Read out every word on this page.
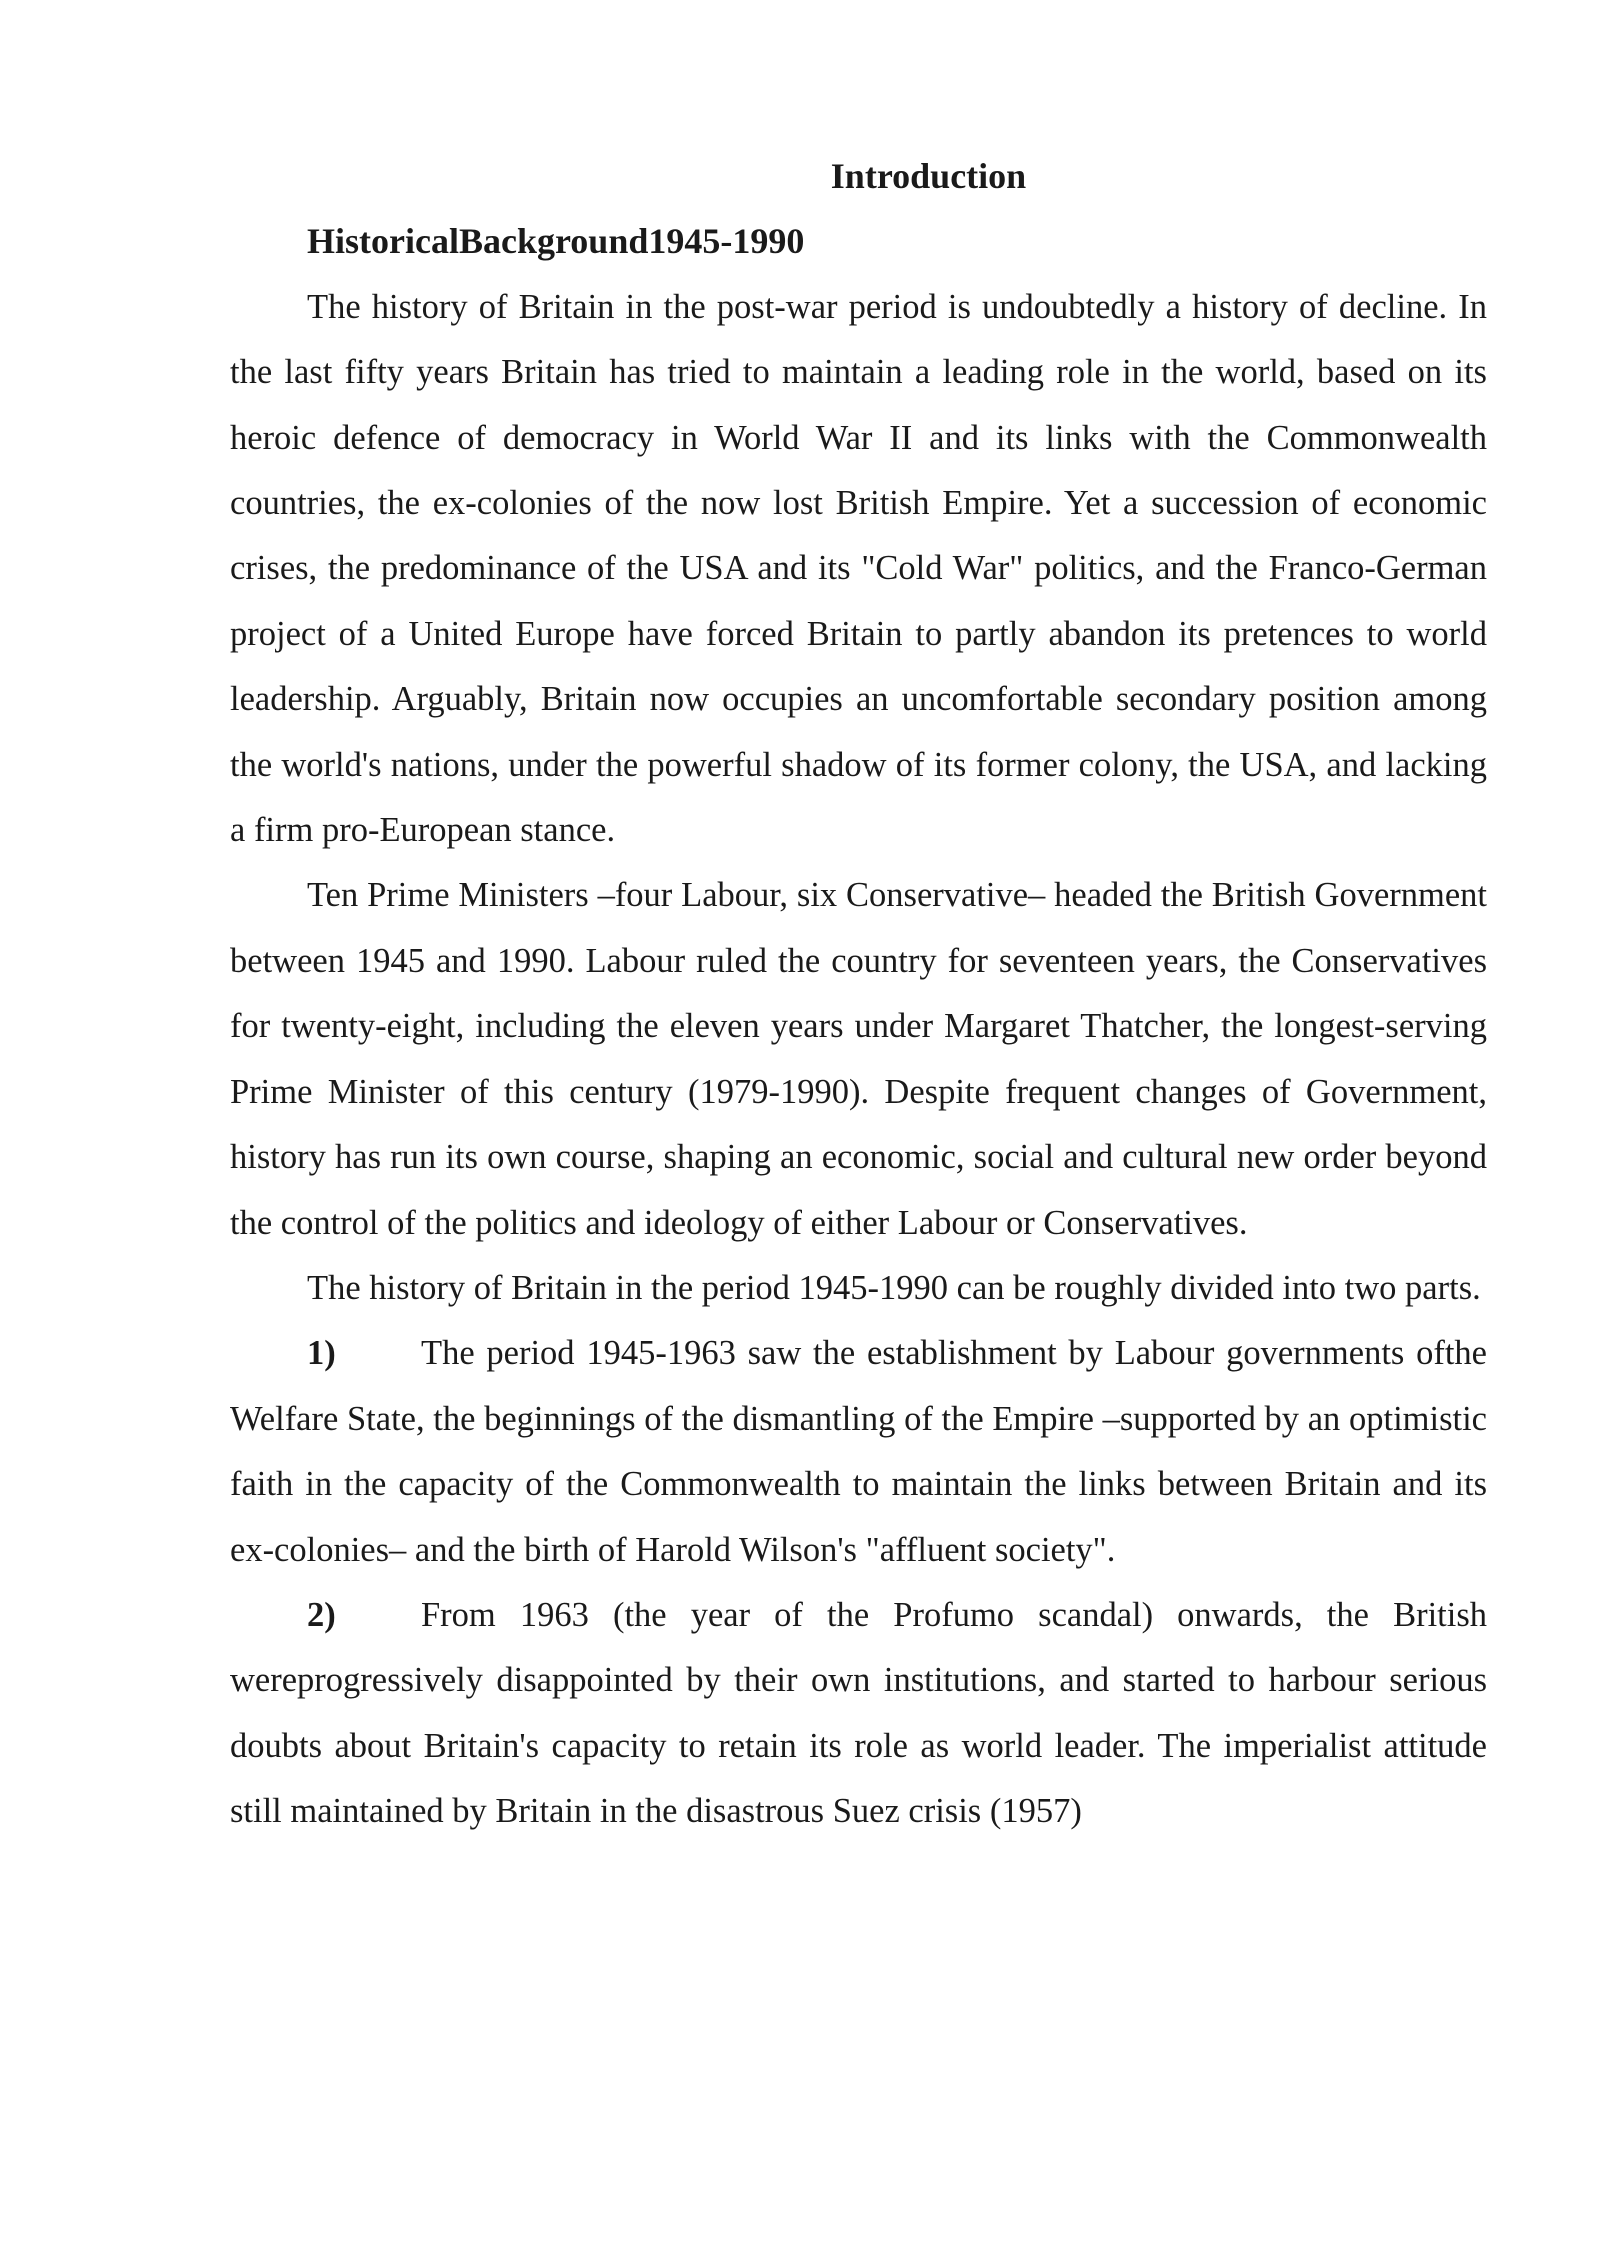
Introduction

HistoricalBackground1945-1990

The history of Britain in the post-war period is undoubtedly a history of decline. In the last fifty years Britain has tried to maintain a leading role in the world, based on its heroic defence of democracy in World War II and its links with the Commonwealth countries, the ex-colonies of the now lost British Empire. Yet a succession of economic crises, the predominance of the USA and its "Cold War" politics, and the Franco-German project of a United Europe have forced Britain to partly abandon its pretences to world leadership. Arguably, Britain now occupies an uncomfortable secondary position among the world's nations, under the powerful shadow of its former colony, the USA, and lacking a firm pro-European stance.

Ten Prime Ministers –four Labour, six Conservative– headed the British Government between 1945 and 1990. Labour ruled the country for seventeen years, the Conservatives for twenty-eight, including the eleven years under Margaret Thatcher, the longest-serving Prime Minister of this century (1979-1990). Despite frequent changes of Government, history has run its own course, shaping an economic, social and cultural new order beyond the control of the politics and ideology of either Labour or Conservatives.

The history of Britain in the period 1945-1990 can be roughly divided into two parts.

1) The period 1945-1963 saw the establishment by Labour governments ofthe Welfare State, the beginnings of the dismantling of the Empire –supported by an optimistic faith in the capacity of the Commonwealth to maintain the links between Britain and its ex-colonies– and the birth of Harold Wilson's "affluent society".

2) From 1963 (the year of the Profumo scandal) onwards, the British wereprogressively disappointed by their own institutions, and started to harbour serious doubts about Britain's capacity to retain its role as world leader. The imperialist attitude still maintained by Britain in the disastrous Suez crisis (1957)
